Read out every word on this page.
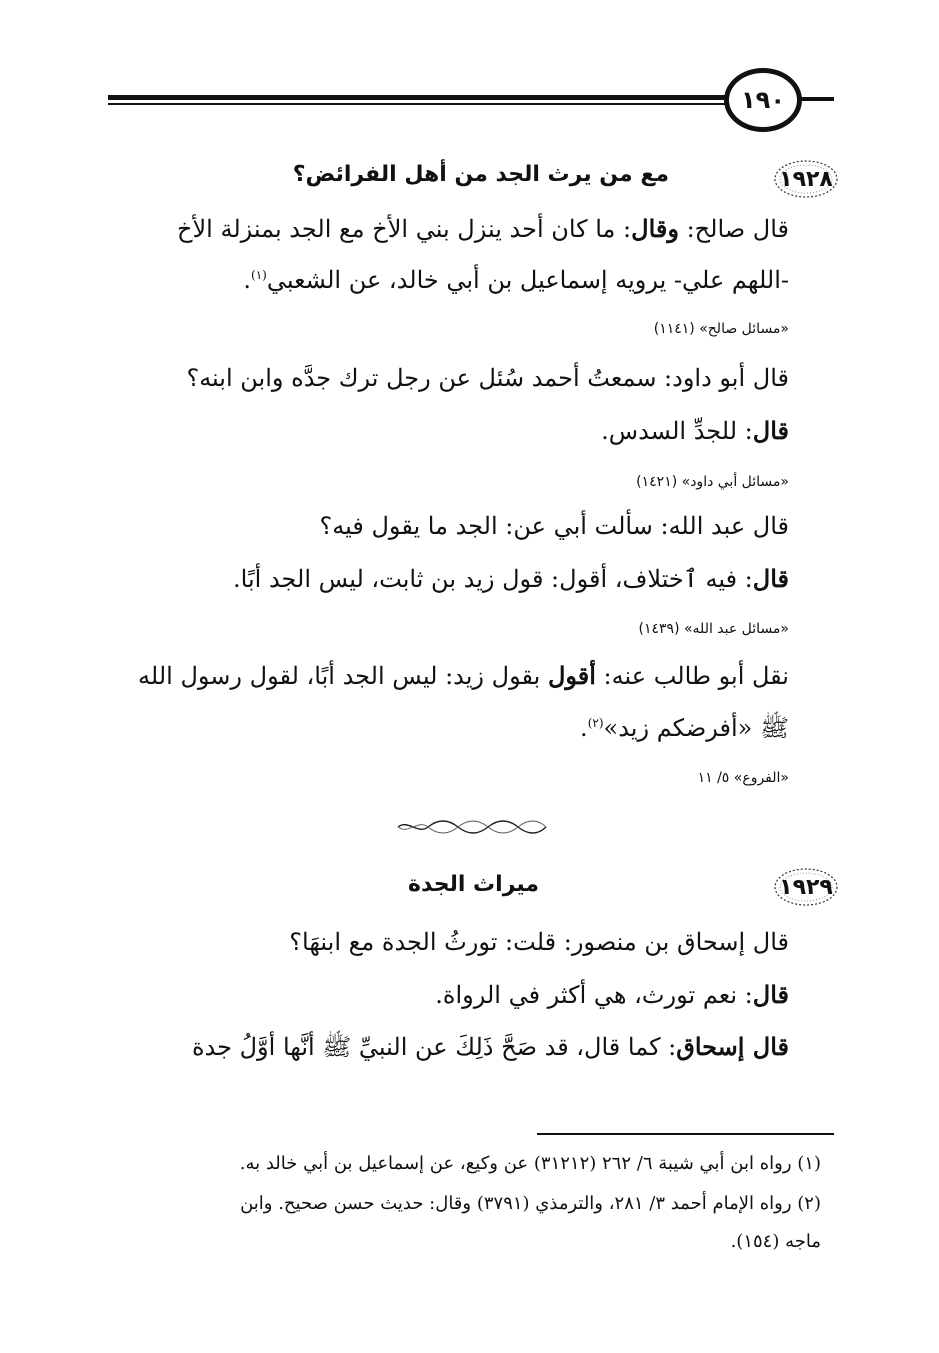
١٩٠
١٩٢٨
مع من يرث الجد من أهل الفرائض؟
قال صالح: وقال: ما كان أحد ينزل بني الأخ مع الجد بمنزلة الأخ
-اللهم علي- يرويه إسماعيل بن أبي خالد، عن الشعبي$^{(١)}$.
«مسائل صالح» (١١٤١)
قال أبو داود: سمعتُ أحمد سُئل عن رجل ترك جدَّه وابن ابنه؟
قال: للجدِّ السدس.
«مسائل أبي داود» (١٤٢١)
قال عبد الله: سألت أبي عن: الجد ما يقول فيه؟
قال: فيه ٱختلاف، أقول: قول زيد بن ثابت، ليس الجد أبًا.
«مسائل عبد الله» (١٤٣٩)
نقل أبو طالب عنه: أقول بقول زيد: ليس الجد أبًا، لقول رسول الله
ﷺ «أفرضكم زيد»$^{(٢)}$.
«الفروع» ٥/ ١١
١٩٢٩
ميراث الجدة
قال إسحاق بن منصور: قلت: تورثُ الجدة مع ابنهَا؟
قال: نعم تورث، هي أكثر في الرواة.
قال إسحاق: كما قال، قد صَحَّ ذَلِكَ عن النبيِّ ﷺ أنَّها أوَّلُ جدة
(١) رواه ابن أبي شيبة ٦/ ٢٦٢ (٣١٢١٢) عن وكيع، عن إسماعيل بن أبي خالد به.
(٢) رواه الإمام أحمد ٣/ ٢٨١، والترمذي (٣٧٩١) وقال: حديث حسن صحيح. وابن
ماجه (١٥٤).
